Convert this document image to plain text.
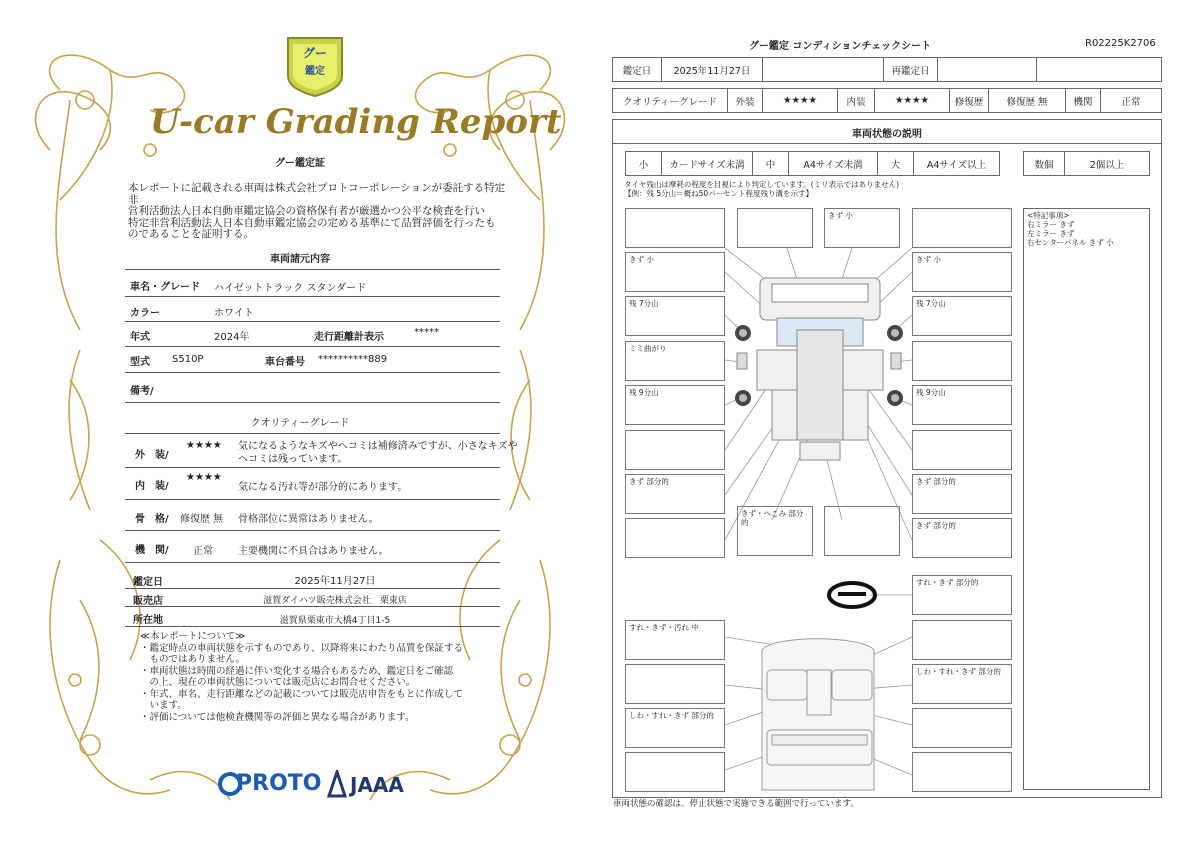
グー
鑑定
U-car Grading Report
グー鑑定証
本レポートに記載される車両は株式会社プロトコーポレーションが委託する特定非
営利活動法人日本自動車鑑定協会の資格保有者が厳選かつ公平な検査を行い
特定非営利活動法人日本自動車鑑定協会の定める基準にて品質評価を行ったも
のであることを証明する。
車両諸元内容
車名・グレード ハイゼットトラック スタンダード
カラー	ホワイト
年式	2024年	走行距離計表示	*****
型式 S510P	車台番号 **********889
備考/
クオリティーグレード
外　装/
★★★★ 気になるようなキズやヘコミは補修済みですが、小さなキズや
ヘコミは残っています。
内　装/
★★★★
気になる汚れ等が部分的にあります。
骨　格/ 修復歴 無 骨格部位に異常はありません。
機　関/ 正常	主要機関に不具合はありません。
鑑定日	2025年11月27日
販売店	滋賀ダイハツ販売株式会社　栗東店
所在地	滋賀県栗東市大橋4丁目1-5
≪本レポートについて≫
・鑑定時点の車両状態を示すものであり、以降将来にわたり品質を保証する
　ものではありません。
・車両状態は時間の経過に伴い変化する場合もあるため、鑑定日をご確認
　の上、現在の車両状態については販売店にお問合せください。
・年式、車名、走行距離などの記載については販売店申告をもとに作成して
　います。
・評価については他検査機関等の評価と異なる場合があります。
PROTO JAAA
グー鑑定 コンディションチェックシート	R02225K2706
鑑定日	2025年11月27日	再鑑定日
クオリティーグレード	外装	★★★★	内装	★★★★	修復歴	修復歴 無	機関	正常
車両状態の説明
小	カードサイズ未満	中	A4サイズ未満	大	A4サイズ以上	数個	2個以上
タイヤ残山は摩耗の程度を目視により判定しています。(ミリ表示ではありません)
【例：残 5分山＝概ね50パーセント程度残り溝を示す】
きず 小
残 7分山
ミミ曲がり
残 9分山
きず 部分的
すれ・きず・汚れ 中
しわ・すれ・きず 部分的
きず 小
きず 小
残 7分山
残 9分山
きず 部分的
きず 部分的
すれ・きず 部分的
しわ・すれ・きず 部分的
きず・へこみ 部分的
<特記事項>
右ミラー きず
左ミラー きず
右センターパネル きず 小
車両状態の確認は、停止状態で実施できる範囲で行っています。
